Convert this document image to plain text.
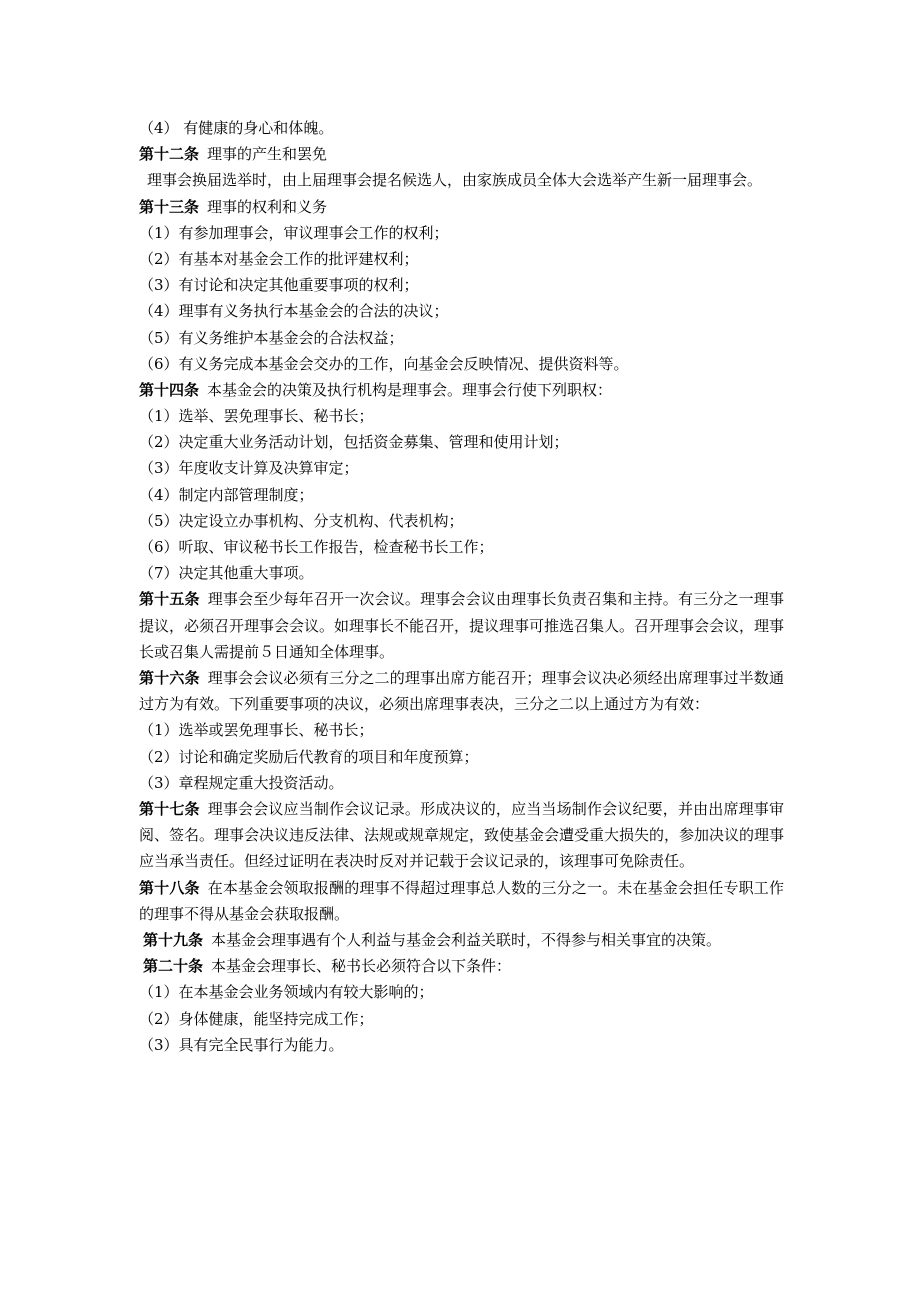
（4） 有健康的身心和体魄。

第十二条 理事的产生和罢免

理事会换届选举时，由上届理事会提名候选人，由家族成员全体大会选举产生新一届理事会。

第十三条 理事的权利和义务

（1）有参加理事会，审议理事会工作的权利；

（2）有基本对基金会工作的批评建权利；

（3）有讨论和决定其他重要事项的权利；

（4）理事有义务执行本基金会的合法的决议；

（5）有义务维护本基金会的合法权益；

（6）有义务完成本基金会交办的工作，向基金会反映情况、提供资料等。

第十四条 本基金会的决策及执行机构是理事会。理事会行使下列职权：

（1）选举、罢免理事长、秘书长；

（2）决定重大业务活动计划，包括资金募集、管理和使用计划；

（3）年度收支计算及决算审定；

（4）制定内部管理制度；

（5）决定设立办事机构、分支机构、代表机构；

（6）听取、审议秘书长工作报告，检查秘书长工作；

（7）决定其他重大事项。

第十五条 理事会至少每年召开一次会议。理事会会议由理事长负责召集和主持。有三分之一理事提议，必须召开理事会会议。如理事长不能召开，提议理事可推选召集人。召开理事会会议，理事长或召集人需提前５日通知全体理事。

第十六条 理事会会议必须有三分之二的理事出席方能召开；理事会议决必须经出席理事过半数通过方为有效。下列重要事项的决议，必须出席理事表决，三分之二以上通过方为有效：

（1）选举或罢免理事长、秘书长；

（2）讨论和确定奖励后代教育的项目和年度预算；

（3）章程规定重大投资活动。

第十七条 理事会会议应当制作会议记录。形成决议的，应当当场制作会议纪要，并由出席理事审阅、签名。理事会决议违反法律、法规或规章规定，致使基金会遭受重大损失的，参加决议的理事应当承当责任。但经过证明在表决时反对并记载于会议记录的，该理事可免除责任。

第十八条 在本基金会领取报酬的理事不得超过理事总人数的三分之一。未在基金会担任专职工作的理事不得从基金会获取报酬。

第十九条 本基金会理事遇有个人利益与基金会利益关联时，不得参与相关事宜的决策。

第二十条 本基金会理事长、秘书长必须符合以下条件：

（1）在本基金会业务领域内有较大影响的；

（2）身体健康，能坚持完成工作；

（3）具有完全民事行为能力。
